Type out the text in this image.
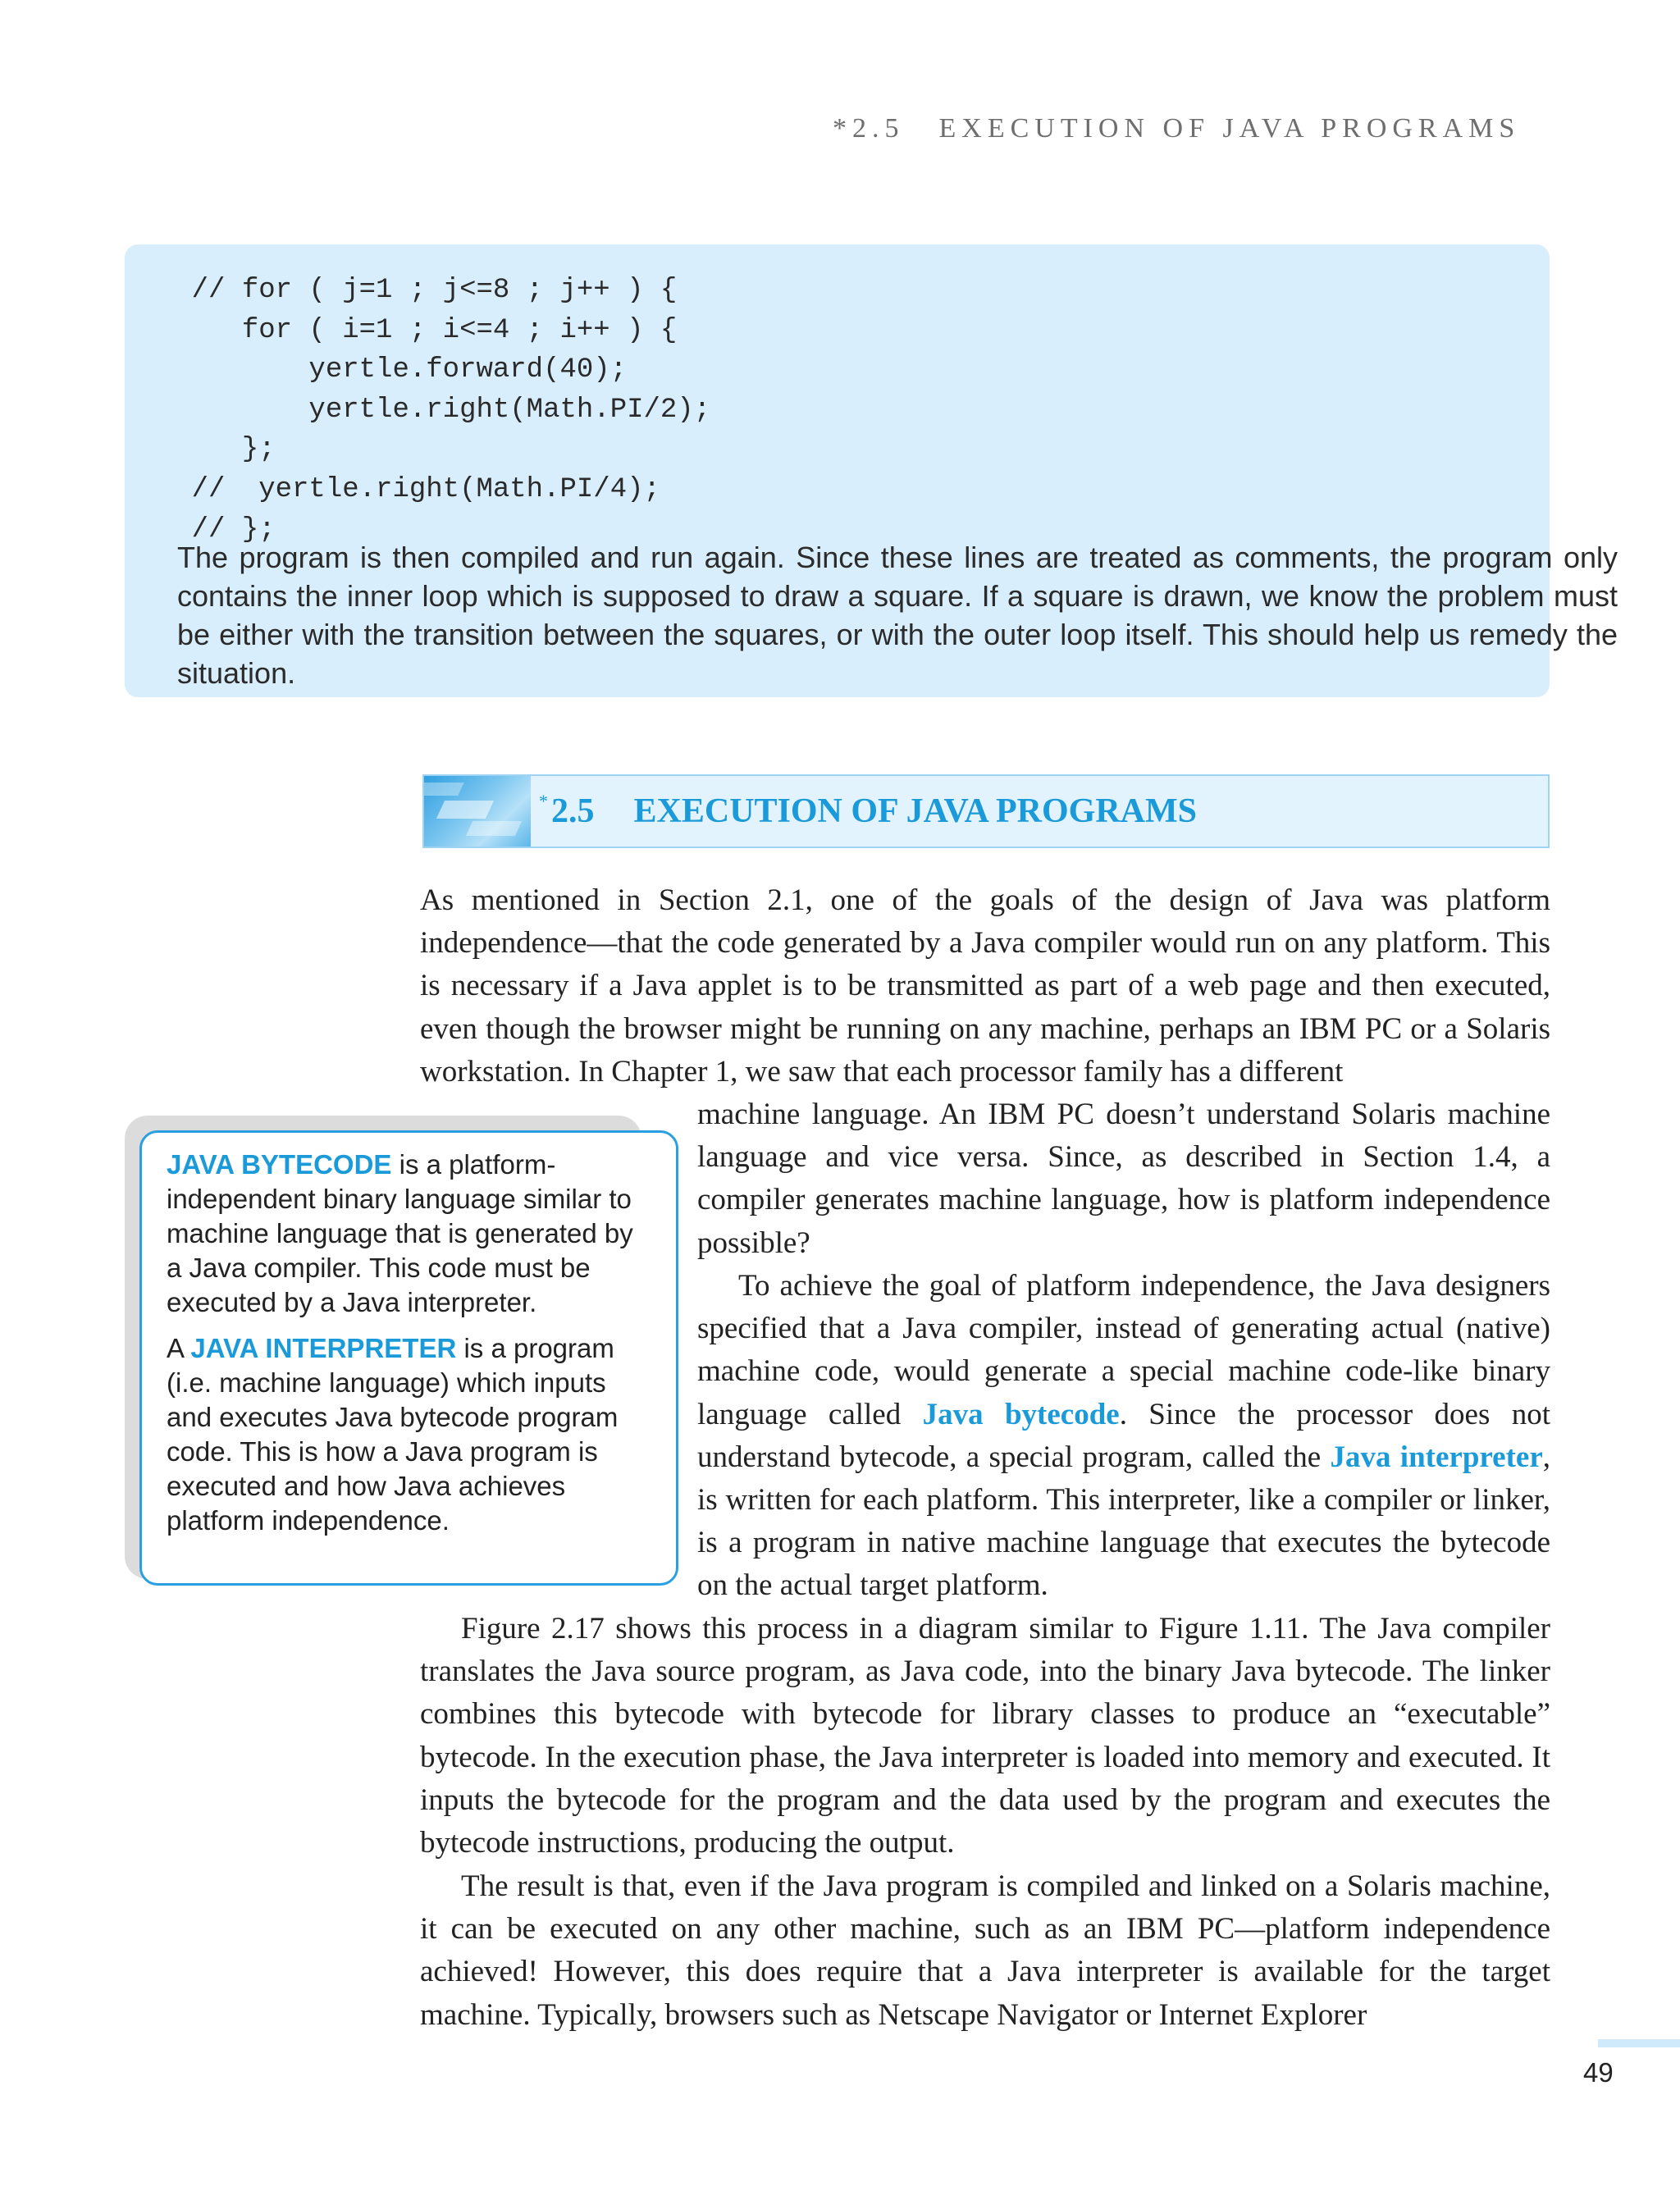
*2.5 EXECUTION OF JAVA PROGRAMS
// for ( j=1 ; j<=8 ; j++ ) {
for ( i=1 ; i<=4 ; i++ ) {
yertle.forward(40);
yertle.right(Math.PI/2);
};
//  yertle.right(Math.PI/4);
// };

The program is then compiled and run again. Since these lines are treated as comments, the program only contains the inner loop which is supposed to draw a square. If a square is drawn, we know the problem must be either with the transition between the squares, or with the outer loop itself. This should help us remedy the situation.

*2.5 EXECUTION OF JAVA PROGRAMS

As mentioned in Section 2.1, one of the goals of the design of Java was platform independence—that the code generated by a Java compiler would run on any platform. This is necessary if a Java applet is to be transmitted as part of a web page and then executed, even though the browser might be running on any machine, perhaps an IBM PC or a Solaris workstation. In Chapter 1, we saw that each processor family has a different

machine language. An IBM PC doesn’t understand Solaris machine language and vice versa. Since, as described in Section 1.4, a compiler generates machine language, how is platform independence possible?

To achieve the goal of platform independence, the Java designers specified that a Java compiler, instead of generating actual (native) machine code, would generate a special machine code-like binary language called Java bytecode. Since the processor does not understand bytecode, a special program, called the Java interpreter, is written for each platform. This interpreter, like a compiler or linker, is a program in native machine language that executes the bytecode on the actual target platform.

Figure 2.17 shows this process in a diagram similar to Figure 1.11. The Java compiler translates the Java source program, as Java code, into the binary Java bytecode. The linker combines this bytecode with bytecode for library classes to produce an “executable” bytecode. In the execution phase, the Java interpreter is loaded into memory and executed. It inputs the bytecode for the program and the data used by the program and executes the bytecode instructions, producing the output.

The result is that, even if the Java program is compiled and linked on a Solaris machine, it can be executed on any other machine, such as an IBM PC—platform independence achieved! However, this does require that a Java interpreter is available for the target machine. Typically, browsers such as Netscape Navigator or Internet Explorer

JAVA BYTECODE is a platform-independent binary language similar to machine language that is generated by a Java compiler. This code must be executed by a Java interpreter.

A JAVA INTERPRETER is a program (i.e. machine language) which inputs and executes Java bytecode program code. This is how a Java program is executed and how Java achieves platform independence.

49
